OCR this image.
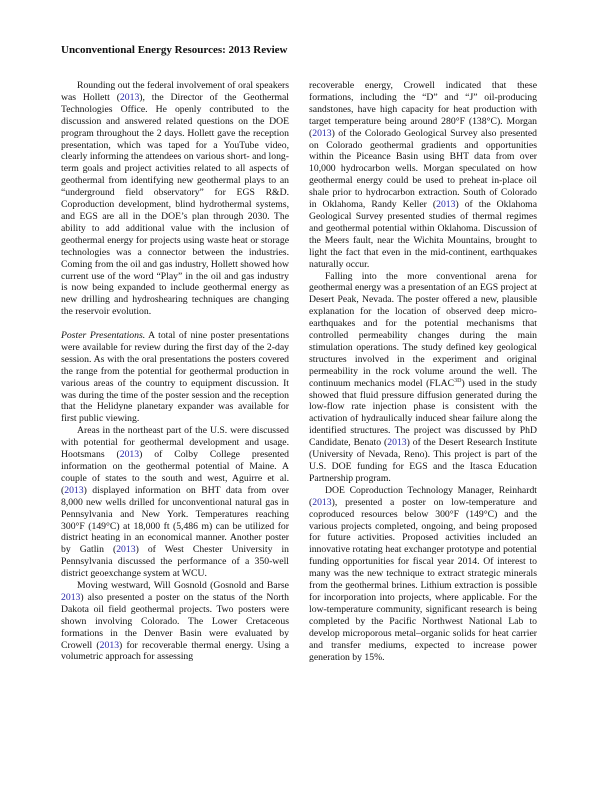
Unconventional Energy Resources: 2013 Review

Rounding out the federal involvement of oral speakers was Hollett (2013), the Director of the Geothermal Technologies Office. He openly contributed to the discussion and answered related questions on the DOE program throughout the 2 days. Hollett gave the reception presentation, which was taped for a YouTube video, clearly informing the attendees on various short- and long-term goals and project activities related to all aspects of geothermal from identifying new geothermal plays to an “underground field observatory” for EGS R&D. Coproduction development, blind hydrothermal systems, and EGS are all in the DOE’s plan through 2030. The ability to add additional value with the inclusion of geothermal energy for projects using waste heat or storage technologies was a connector between the industries. Coming from the oil and gas industry, Hollett showed how current use of the word “Play” in the oil and gas industry is now being expanded to include geothermal energy as new drilling and hydroshearing techniques are changing the reservoir evolution.

Poster Presentations. A total of nine poster presentations were available for review during the first day of the 2-day session. As with the oral presentations the posters covered the range from the potential for geothermal production in various areas of the country to equipment discussion. It was during the time of the poster session and the reception that the Helidyne planetary expander was available for first public viewing.

Areas in the northeast part of the U.S. were discussed with potential for geothermal development and usage. Hootsmans (2013) of Colby College presented information on the geothermal potential of Maine. A couple of states to the south and west, Aguirre et al. (2013) displayed information on BHT data from over 8,000 new wells drilled for unconventional natural gas in Pennsylvania and New York. Temperatures reaching 300°F (149°C) at 18,000 ft (5,486 m) can be utilized for district heating in an economical manner. Another poster by Gatlin (2013) of West Chester University in Pennsylvania discussed the performance of a 350-well district geoexchange system at WCU.

Moving westward, Will Gosnold (Gosnold and Barse 2013) also presented a poster on the status of the North Dakota oil field geothermal projects. Two posters were shown involving Colorado. The Lower Cretaceous formations in the Denver Basin were evaluated by Crowell (2013) for recoverable thermal energy. Using a volumetric approach for assessing

recoverable energy, Crowell indicated that these formations, including the “D” and “J” oil-producing sandstones, have high capacity for heat production with target temperature being around 280°F (138°C). Morgan (2013) of the Colorado Geological Survey also presented on Colorado geothermal gradients and opportunities within the Piceance Basin using BHT data from over 10,000 hydrocarbon wells. Morgan speculated on how geothermal energy could be used to preheat in-place oil shale prior to hydrocarbon extraction. South of Colorado in Oklahoma, Randy Keller (2013) of the Oklahoma Geological Survey presented studies of thermal regimes and geothermal potential within Oklahoma. Discussion of the Meers fault, near the Wichita Mountains, brought to light the fact that even in the mid-continent, earthquakes naturally occur.

Falling into the more conventional arena for geothermal energy was a presentation of an EGS project at Desert Peak, Nevada. The poster offered a new, plausible explanation for the location of observed deep micro-earthquakes and for the potential mechanisms that controlled permeability changes during the main stimulation operations. The study defined key geological structures involved in the experiment and original permeability in the rock volume around the well. The continuum mechanics model $(FLAC^{3D})$ used in the study showed that fluid pressure diffusion generated during the low-flow rate injection phase is consistent with the activation of hydraulically induced shear failure along the identified structures. The project was discussed by PhD Candidate, Benato (2013) of the Desert Research Institute (University of Nevada, Reno). This project is part of the U.S. DOE funding for EGS and the Itasca Education Partnership program.

DOE Coproduction Technology Manager, Reinhardt (2013), presented a poster on low-temperature and coproduced resources below 300°F (149°C) and the various projects completed, ongoing, and being proposed for future activities. Proposed activities included an innovative rotating heat exchanger prototype and potential funding opportunities for fiscal year 2014. Of interest to many was the new technique to extract strategic minerals from the geothermal brines. Lithium extraction is possible for incorporation into projects, where applicable. For the low-temperature community, significant research is being completed by the Pacific Northwest National Lab to develop microporous metal–organic solids for heat carrier and transfer mediums, expected to increase power generation by 15%.
